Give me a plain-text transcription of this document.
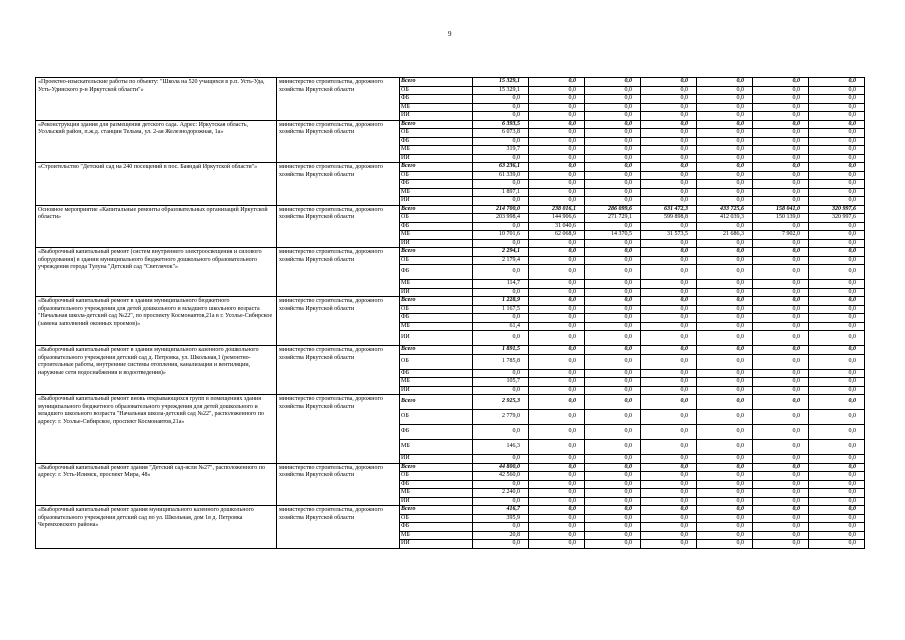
9
«Проектно-изыскательские работы по объекту: "Школа на 520 учащихся в р.п. Усть-Уда, Усть-Удинского р-н Иркутской области"»	министерство строительства, дорожного хозяйства Иркутской области	Всего	15 329,1	0,0	0,0	0,0	0,0	0,0	0,0
		ОБ	15 329,1	0,0	0,0	0,0	0,0	0,0	0,0
		ФБ	0,0	0,0	0,0	0,0	0,0	0,0	0,0
		МБ	0,0	0,0	0,0	0,0	0,0	0,0	0,0
		ИИ	0,0	0,0	0,0	0,0	0,0	0,0	0,0
«Реконструкция здания для размещения детского сада. Адрес: Иркутская область, Усольский район, п.ж.д. станции Тельма, ул. 2-ая Железнодорожная, 1а»	министерство строительства, дорожного хозяйства Иркутской области	Всего	6 393,5	0,0	0,0	0,0	0,0	0,0	0,0
		ОБ	6 073,8	0,0	0,0	0,0	0,0	0,0	0,0
		ФБ	0,0	0,0	0,0	0,0	0,0	0,0	0,0
		МБ	319,7	0,0	0,0	0,0	0,0	0,0	0,0
		ИИ	0,0	0,0	0,0	0,0	0,0	0,0	0,0
«Строительство "Детский сад на 240 посещений в пос. Баяндай Иркутской области"»	министерство строительства, дорожного хозяйства Иркутской области	Всего	63 236,1	0,0	0,0	0,0	0,0	0,0	0,0
		ОБ	61 339,0	0,0	0,0	0,0	0,0	0,0	0,0
		ФБ	0,0	0,0	0,0	0,0	0,0	0,0	0,0
		МБ	1 897,1	0,0	0,0	0,0	0,0	0,0	0,0
		ИИ	0,0	0,0	0,0	0,0	0,0	0,0	0,0
Основное мероприятие «Капитальные ремонты образовательных организаций Иркутской области»	министерство строительства, дорожного хозяйства Иркутской области	Всего	214 700,0	238 016,1	286 099,6	631 472,3	433 725,6	158 041,0	320 997,6
		ОБ	203 998,4	144 906,6	271 729,1	599 898,8	412 039,3	150 139,0	320 997,6
		ФБ	0,0	31 040,6	0,0	0,0	0,0	0,0	0,0
		МБ	10 701,6	62 068,9	14 370,5	31 573,5	21 686,3	7 902,0	0,0
		ИИ	0,0	0,0	0,0	0,0	0,0	0,0	0,0
«Выборочный капитальный ремонт (систем внутреннего электроосвещения и силового оборудования) в здании муниципального бюджетного дошкольного образовательного учреждения города Тулуна "Детский сад "Светлячок"»	министерство строительства, дорожного хозяйства Иркутской области	Всего	2 294,1	0,0	0,0	0,0	0,0	0,0	0,0
		ОБ	2 179,4	0,0	0,0	0,0	0,0	0,0	0,0
		ФБ	0,0	0,0	0,0	0,0	0,0	0,0	0,0
		МБ	114,7	0,0	0,0	0,0	0,0	0,0	0,0
		ИИ	0,0	0,0	0,0	0,0	0,0	0,0	0,0
«Выборочный капитальный ремонт в здании муниципального бюджетного образовательного учреждения для детей дошкольного и младшего школьного возраста "Начальная школа-детский сад №22", по проспекту Космонавтов,21а в г. Усолье-Сибирское (замена заполнений оконных проемов)»	министерство строительства, дорожного хозяйства Иркутской области	Всего	1 228,9	0,0	0,0	0,0	0,0	0,0	0,0
		ОБ	1 167,5	0,0	0,0	0,0	0,0	0,0	0,0
		ФБ	0,0	0,0	0,0	0,0	0,0	0,0	0,0
		МБ	61,4	0,0	0,0	0,0	0,0	0,0	0,0
		ИИ	0,0	0,0	0,0	0,0	0,0	0,0	0,0
«Выборочный капитальный ремонт в здании муниципального казенного дошкольного образовательного учреждения детский сад д. Петровка, ул. Школьная,1 (ремонтно-строительные работы, внутренние системы отопления, канализации и вентиляции, наружные сети водоснабжения и водоотведения)»	министерство строительства, дорожного хозяйства Иркутской области	Всего	1 891,5	0,0	0,0	0,0	0,0	0,0	0,0
		ОБ	1 785,8	0,0	0,0	0,0	0,0	0,0	0,0
		ФБ	0,0	0,0	0,0	0,0	0,0	0,0	0,0
		МБ	105,7	0,0	0,0	0,0	0,0	0,0	0,0
		ИИ	0,0	0,0	0,0	0,0	0,0	0,0	0,0
«Выборочный капитальный ремонт вновь открывающихся групп в помещениях здания муниципального бюджетного образовательного учреждения для детей дошкольного и младшего школьного возраста "Начальная школа-детский сад №22", расположенного по адресу: г. Усолье-Сибирское, проспект Космонавтов,21а»	министерство строительства, дорожного хозяйства Иркутской области	Всего	2 925,3	0,0	0,0	0,0	0,0	0,0	0,0
		ОБ	2 779,0	0,0	0,0	0,0	0,0	0,0	0,0
		ФБ	0,0	0,0	0,0	0,0	0,0	0,0	0,0
		МБ	146,3	0,0	0,0	0,0	0,0	0,0	0,0
		ИИ	0,0	0,0	0,0	0,0	0,0	0,0	0,0
«Выборочный капитальный ремонт здания "Детский сад-ясли №27", расположенного по адресу: г. Усть-Илимск, проспект Мира, 48»	министерство строительства, дорожного хозяйства Иркутской области	Всего	44 800,0	0,0	0,0	0,0	0,0	0,0	0,0
		ОБ	42 560,0	0,0	0,0	0,0	0,0	0,0	0,0
		ФБ	0,0	0,0	0,0	0,0	0,0	0,0	0,0
		МБ	2 240,0	0,0	0,0	0,0	0,0	0,0	0,0
		ИИ	0,0	0,0	0,0	0,0	0,0	0,0	0,0
«Выборочный капитальный ремонт здания муниципального казенного дошкольного образовательного учреждения детский сад по ул. Школьная, дом 1в д. Петровка Черемховского района»	министерство строительства, дорожного хозяйства Иркутской области	Всего	416,7	0,0	0,0	0,0	0,0	0,0	0,0
		ОБ	395,9	0,0	0,0	0,0	0,0	0,0	0,0
		ФБ	0,0	0,0	0,0	0,0	0,0	0,0	0,0
		МБ	20,8	0,0	0,0	0,0	0,0	0,0	0,0
		ИИ	0,0	0,0	0,0	0,0	0,0	0,0	0,0
